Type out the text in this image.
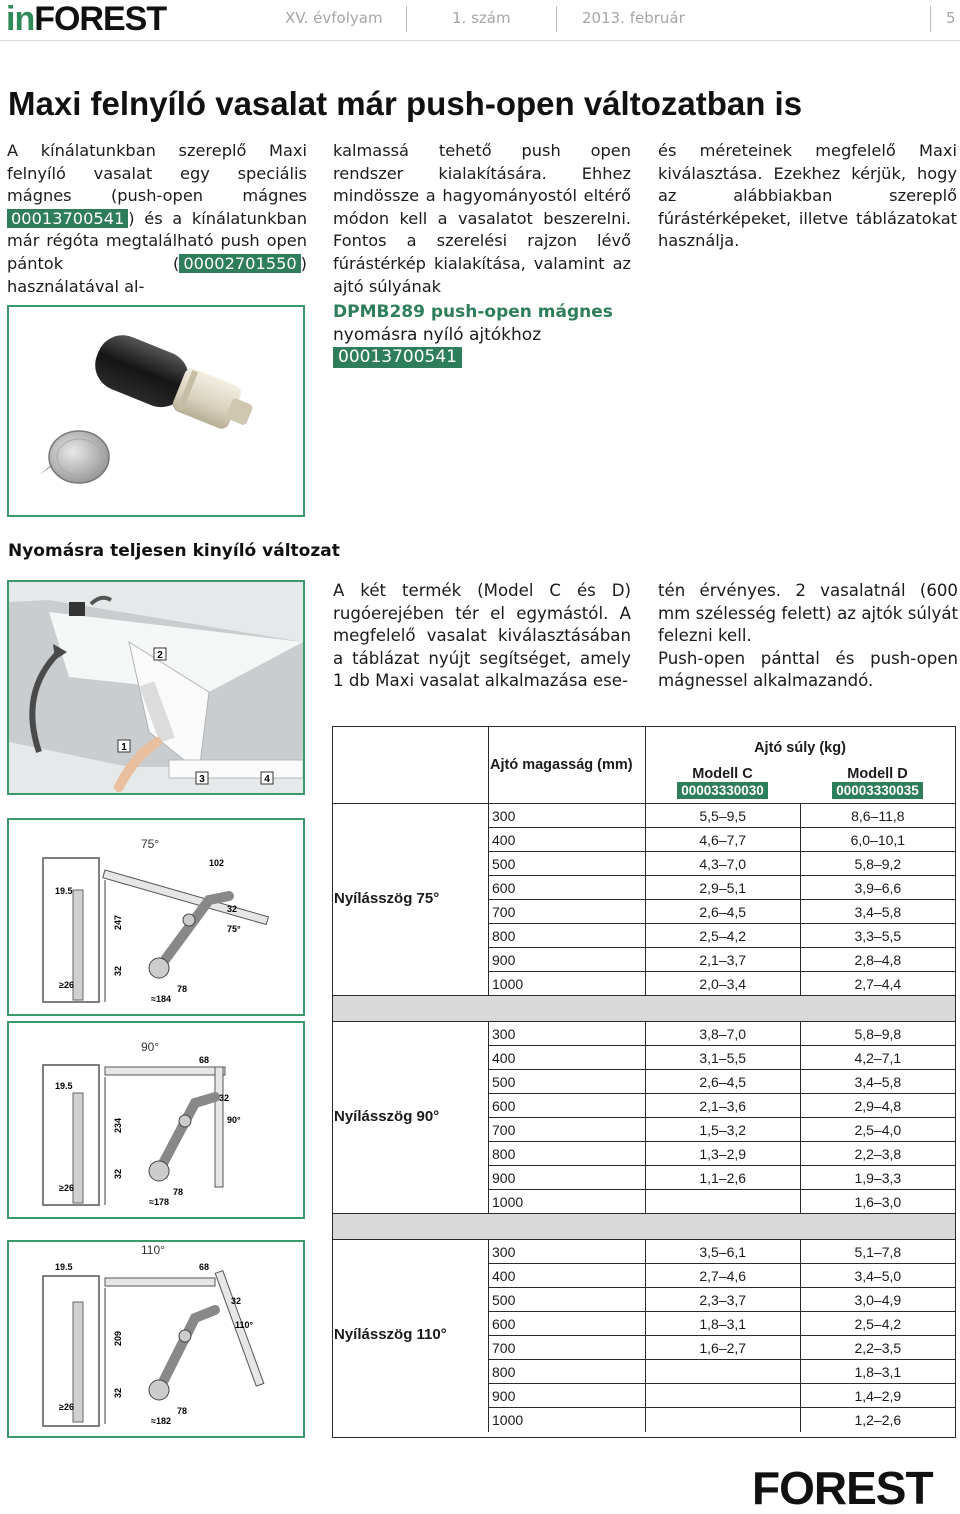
inFOREST	XV. évfolyam	1. szám	2013. február	5
Maxi felnyíló vasalat már push-open változatban is

A kínálatunkban szereplő Maxi felnyíló vasalat egy speciális mágnes (push-open mágnes 00013700541 ) és a kínálatunkban már régóta megtalálható push open pántok ( 00002701550 ) használatával al-

kalmassá tehető push open rendszer kialakítására. Ehhez mindössze a hagyományostól eltérő módon kell a vasalatot beszerelni. Fontos a szerelési rajzon lévő fúrástérkép kialakítása, valamint az ajtó súlyának

és méreteinek megfelelő Maxi kiválasztása. Ezekhez kérjük, hogy az alábbiakban szereplő fúrástérképeket, illetve táblázatokat használja.

DPMB289 push-open mágnes
nyomásra nyíló ajtókhoz
00013700541
Nyomásra teljesen kinyíló változat
1
2
3	4

A két termék (Model C és D) rugóerejében tér el egymástól. A megfelelő vasalat kiválasztásában a táblázat nyújt segítséget, amely 1 db Maxi vasalat alkalmazása ese-

tén érvényes. 2 vasalatnál (600 mm szélesség felett) az ajtók súlyát felezni kell.

Push-open pánttal és push-open mágnessel alkalmazandó.

75°
102
19.5
247
32
32
75°
≥26	78
≈184
90°
68
19.5
234
32
32
90°
≥26	78
≈178
110°
68
19.5
209
32
32
110°
≥26	78
≈182
Ajtó magasság (mm)
Ajtó súly (kg)
Modell C
00003330030
Modell D
00003330035
Nyílásszög 75°
300	5,5–9,5	8,6–11,8
400	4,6–7,7	6,0–10,1
500	4,3–7,0	5,8–9,2
600	2,9–5,1	3,9–6,6
700	2,6–4,5	3,4–5,8
800	2,5–4,2	3,3–5,5
900	2,1–3,7	2,8–4,8
1000	2,0–3,4	2,7–4,4
Nyílásszög 90°
300	3,8–7,0	5,8–9,8
400	3,1–5,5	4,2–7,1
500	2,6–4,5	3,4–5,8
600	2,1–3,6	2,9–4,8
700	1,5–3,2	2,5–4,0
800	1,3–2,9	2,2–3,8
900	1,1–2,6	1,9–3,3
1000		1,6–3,0
Nyílásszög 110°
300	3,5–6,1	5,1–7,8
400	2,7–4,6	3,4–5,0
500	2,3–3,7	3,0–4,9
600	1,8–3,1	2,5–4,2
700	1,6–2,7	2,2–3,5
800		1,8–3,1
900		1,4–2,9
1000		1,2–2,6
FOREST
